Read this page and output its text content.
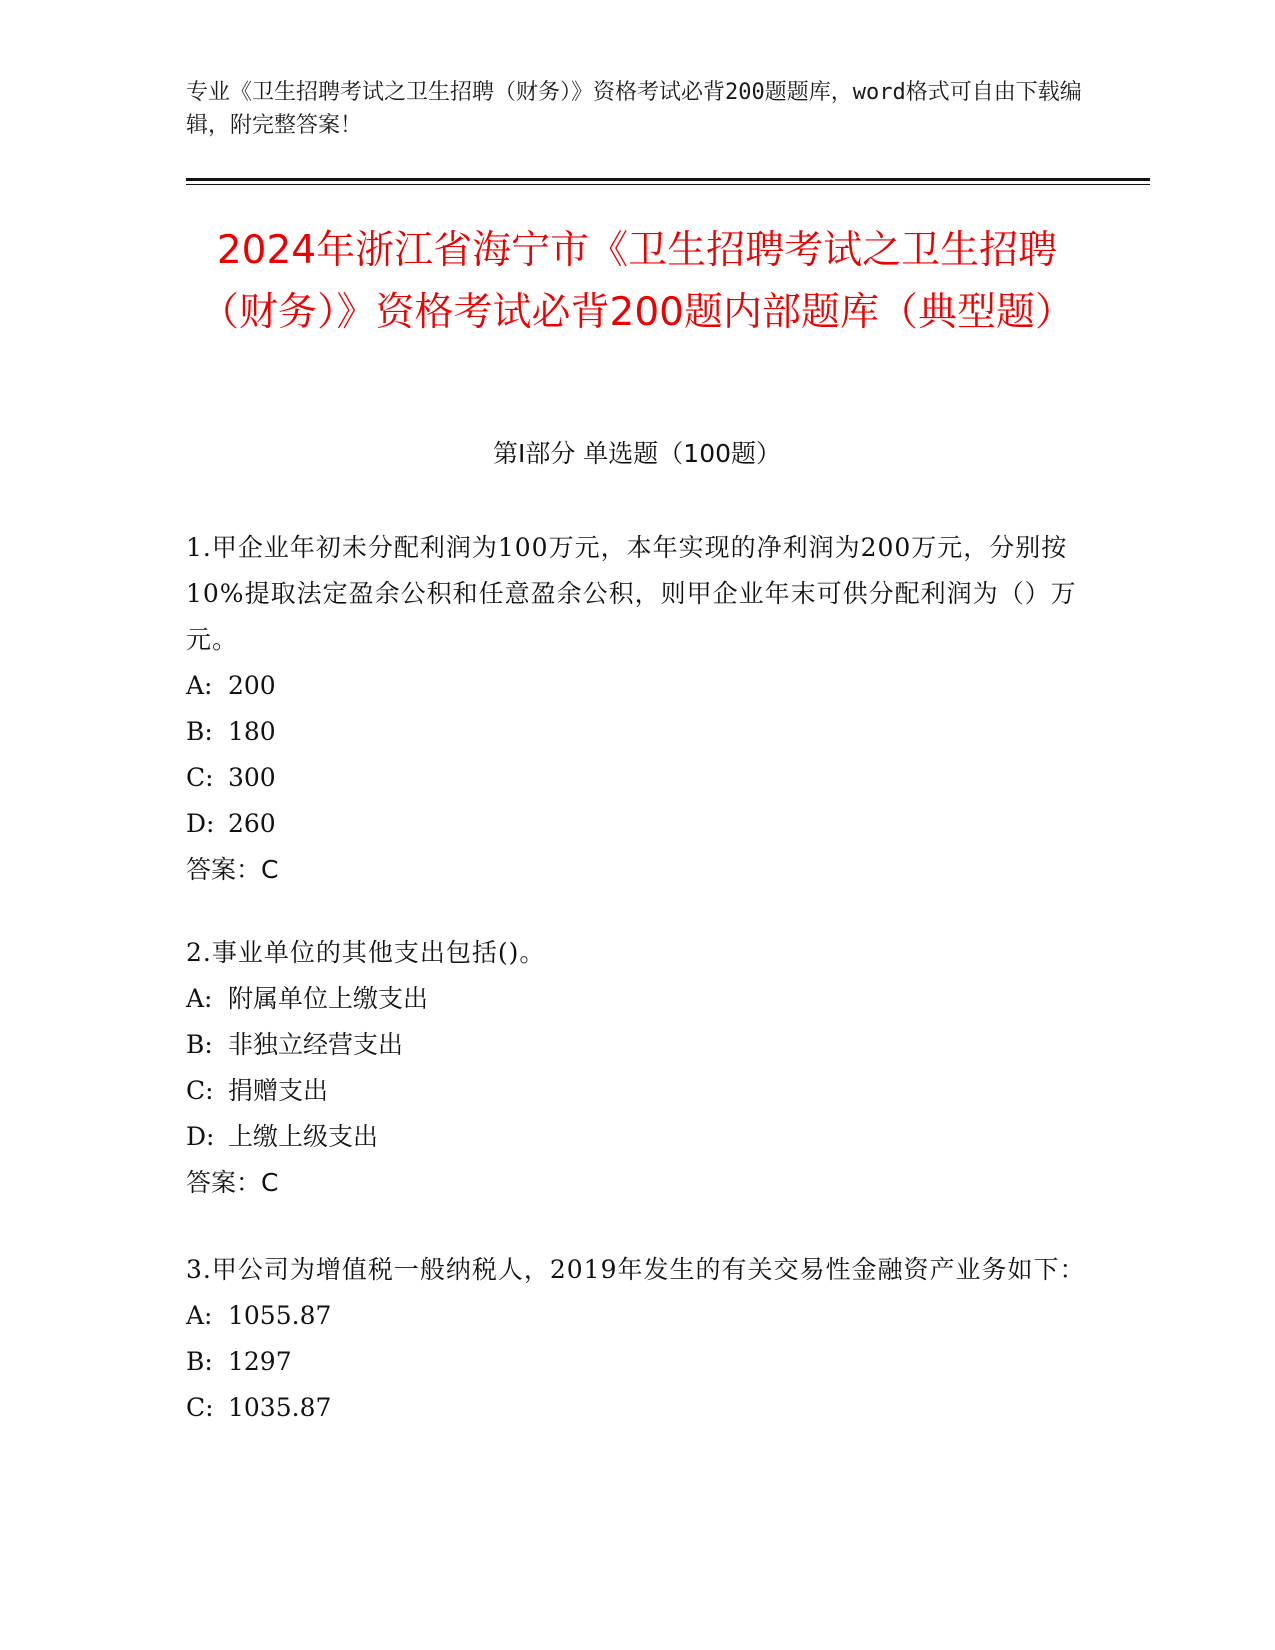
专业《卫生招聘考试之卫生招聘（财务）》资格考试必背200题题库，word格式可自由下载编辑，附完整答案！
2024年浙江省海宁市《卫生招聘考试之卫生招聘（财务）》资格考试必背200题内部题库（典型题）
第Ⅰ部分 单选题（100题）
1.甲企业年初未分配利润为100万元，本年实现的净利润为200万元，分别按10%提取法定盈余公积和任意盈余公积，则甲企业年末可供分配利润为（）万元。
A: 200
B: 180
C: 300
D: 260
答案：C
2.事业单位的其他支出包括()。
A: 附属单位上缴支出
B: 非独立经营支出
C: 捐赠支出
D: 上缴上级支出
答案：C
3.甲公司为增值税一般纳税人，2019年发生的有关交易性金融资产业务如下：
A: 1055.87
B: 1297
C: 1035.87
